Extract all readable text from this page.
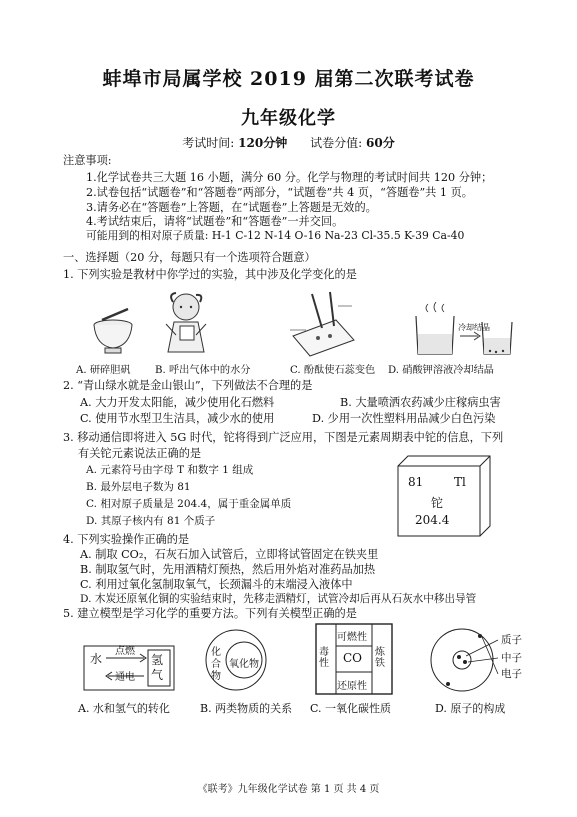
蚌埠市局属学校 2019 届第二次联考试卷
九年级化学
考试时间: 120分钟 试卷分值: 60分
注意事项:
1.化学试卷共三大题 16 小题，满分 60 分。化学与物理的考试时间共 120 分钟；
2.试卷包括“试题卷”和“答题卷”两部分，“试题卷”共 4 页，“答题卷”共 1 页。
3.请务必在“答题卷”上答题，在“试题卷”上答题是无效的。
4.考试结束后，请将“试题卷”和“答题卷”一并交回。
可能用到的相对原子质量: H-1 C-12 N-14 O-16 Na-23 Cl-35.5 K-39 Ca-40
一、选择题（20 分，每题只有一个选项符合题意）
1. 下列实验是教材中你学过的实验，其中涉及化学变化的是
A. 研碎胆矾 B. 呼出气体中的水分	C. 酚酞使石蕊变色
冷却结晶
D. 硝酸钾溶液冷却结晶
2. “青山绿水就是金山银山”，下列做法不合理的是
A. 大力开发太阳能，减少使用化石燃料	B. 大量喷洒农药减少庄稼病虫害
C. 使用节水型卫生洁具，减少水的使用	D. 少用一次性塑料用品减少白色污染
3. 移动通信即将进入 5G 时代，铊将得到广泛应用，下图是元素周期表中铊的信息，下列
有关铊元素说法正确的是
A. 元素符号由字母 T 和数字 1 组成
B. 最外层电子数为 81
C. 相对原子质量是 204.4，属于重金属单质
D. 其原子核内有 81 个质子
81	Tl
铊
204.4
4. 下列实验操作正确的是
A. 制取 CO₂，石灰石加入试管后，立即将试管固定在铁夹里
B. 制取氢气时，先用酒精灯预热，然后用外焰对准药品加热
C. 利用过氧化氢制取氧气，长颈漏斗的末端浸入液体中
D. 木炭还原氧化铜的实验结束时，先移走酒精灯，试管冷却后再从石灰水中移出导管
5. 建立模型是学习化学的重要方法。下列有关模型正确的是
水
点燃
通电
氢
气
A. 水和氢气的转化
化
合
物
氧化物
B. 两类物质的关系
可燃性
毒性 CO 炼铁
还原性
C. 一氧化碳性质
质子
中子
电子
D. 原子的构成
《联考》九年级化学试卷 第 1 页 共 4 页
